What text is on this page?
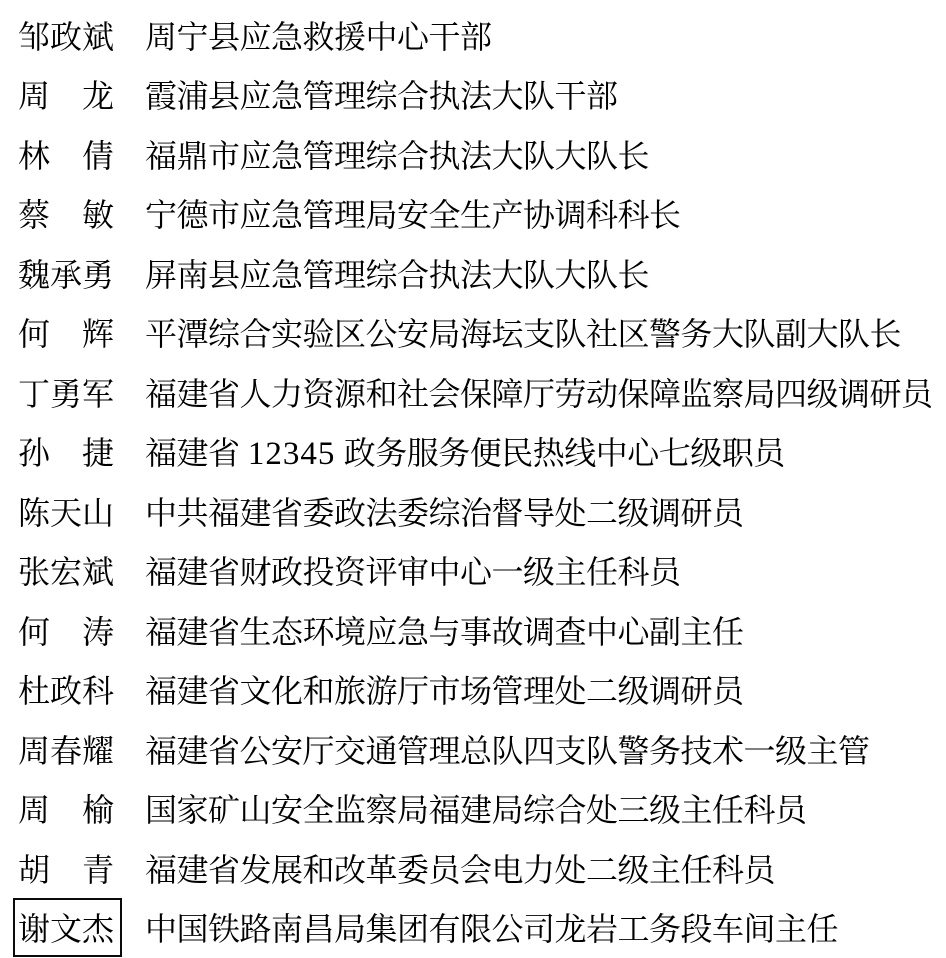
邹政斌 周宁县应急救援中心干部
周　龙 霞浦县应急管理综合执法大队干部
林　倩 福鼎市应急管理综合执法大队大队长
蔡　敏 宁德市应急管理局安全生产协调科科长
魏承勇 屏南县应急管理综合执法大队大队长
何　辉 平潭综合实验区公安局海坛支队社区警务大队副大队长
丁勇军 福建省人力资源和社会保障厅劳动保障监察局四级调研员
孙　捷 福建省 12345 政务服务便民热线中心七级职员
陈天山 中共福建省委政法委综治督导处二级调研员
张宏斌 福建省财政投资评审中心一级主任科员
何　涛 福建省生态环境应急与事故调查中心副主任
杜政科 福建省文化和旅游厅市场管理处二级调研员
周春耀 福建省公安厅交通管理总队四支队警务技术一级主管
周　榆 国家矿山安全监察局福建局综合处三级主任科员
胡　青 福建省发展和改革委员会电力处二级主任科员
谢文杰 中国铁路南昌局集团有限公司龙岩工务段车间主任
